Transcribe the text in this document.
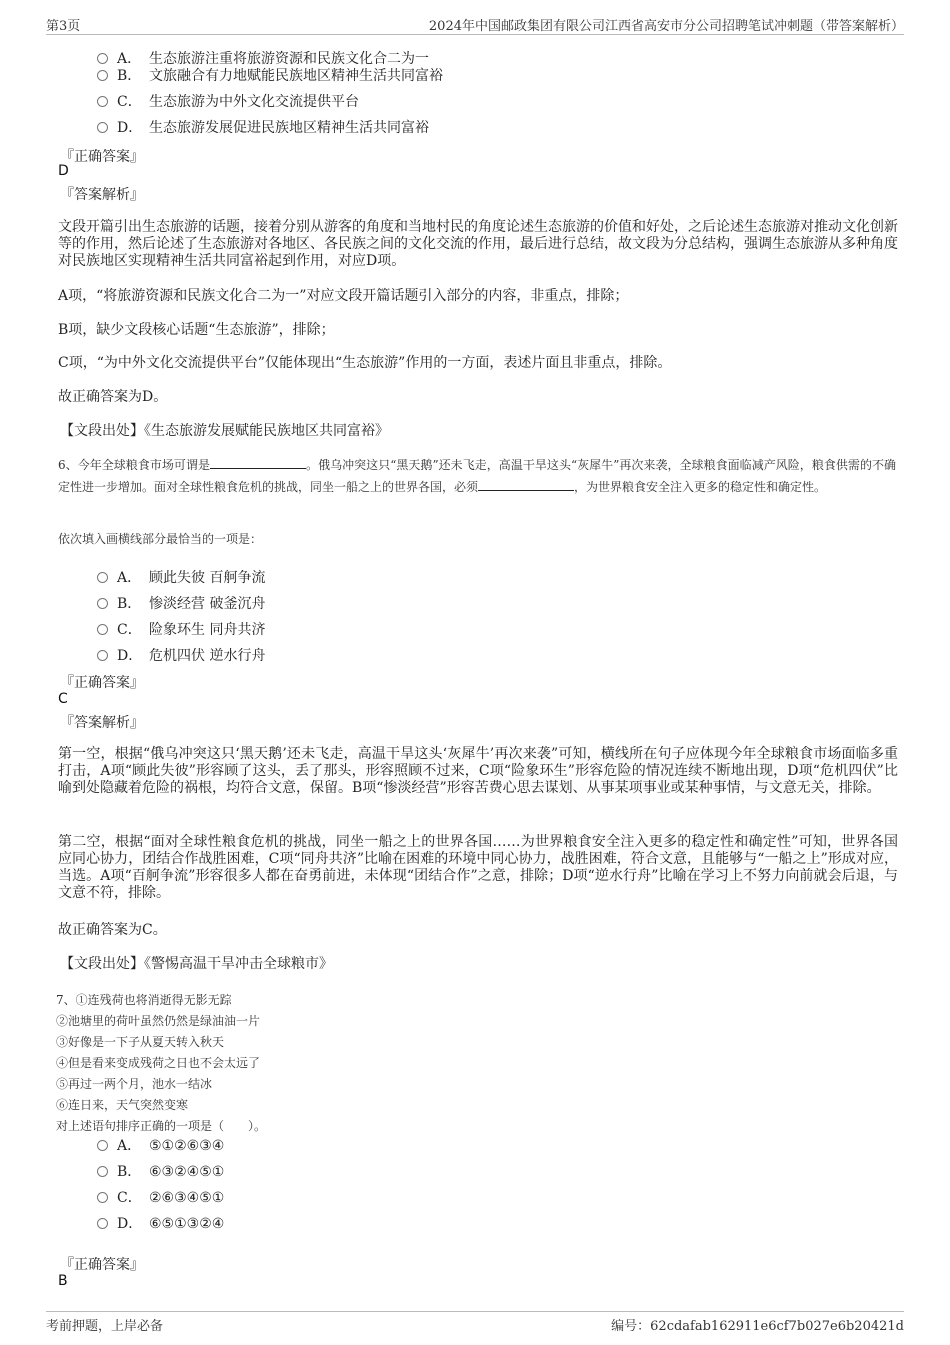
第3页	2024年中国邮政集团有限公司江西省高安市分公司招聘笔试冲刺题（带答案解析）
A． 生态旅游注重将旅游资源和民族文化合二为一
B． 文旅融合有力地赋能民族地区精神生活共同富裕
C． 生态旅游为中外文化交流提供平台
D． 生态旅游发展促进民族地区精神生活共同富裕
『正确答案』
D
『答案解析』
文段开篇引出生态旅游的话题，接着分别从游客的角度和当地村民的角度论述生态旅游的价值和好处，之后论述生态旅游对推动文化创新等的作用，然后论述了生态旅游对各地区、各民族之间的文化交流的作用，最后进行总结，故文段为分总结构，强调生态旅游从多种角度对民族地区实现精神生活共同富裕起到作用，对应D项。
A项，“将旅游资源和民族文化合二为一”对应文段开篇话题引入部分的内容，非重点，排除；
B项，缺少文段核心话题“生态旅游”，排除；
C项，“为中外文化交流提供平台”仅能体现出“生态旅游”作用的一方面，表述片面且非重点，排除。
故正确答案为D。
【文段出处】《生态旅游发展赋能民族地区共同富裕》
6、今年全球粮食市场可谓是	。俄乌冲突这只“黑天鹅”还未飞走，高温干旱这头“灰犀牛”再次来袭，全球粮食面临减产风险，粮食供需的不确定性进一步增加。面对全球性粮食危机的挑战，同坐一船之上的世界各国，必须	，为世界粮食安全注入更多的稳定性和确定性。
依次填入画横线部分最恰当的一项是：
A． 顾此失彼 百舸争流
B． 惨淡经营 破釜沉舟
C． 险象环生 同舟共济
D． 危机四伏 逆水行舟
『正确答案』
C
『答案解析』
第一空，根据“俄乌冲突这只‘黑天鹅’还未飞走，高温干旱这头‘灰犀牛’再次来袭”可知，横线所在句子应体现今年全球粮食市场面临多重打击，A项“顾此失彼”形容顾了这头，丢了那头，形容照顾不过来，C项“险象环生”形容危险的情况连续不断地出现，D项“危机四伏”比喻到处隐藏着危险的祸根，均符合文意，保留。B项“惨淡经营”形容苦费心思去谋划、从事某项事业或某种事情，与文意无关，排除。
第二空，根据“面对全球性粮食危机的挑战，同坐一船之上的世界各国……为世界粮食安全注入更多的稳定性和确定性”可知，世界各国应同心协力，团结合作战胜困难，C项“同舟共济”比喻在困难的环境中同心协力，战胜困难，符合文意，且能够与“一船之上”形成对应，当选。A项“百舸争流”形容很多人都在奋勇前进，未体现“团结合作”之意，排除；D项“逆水行舟”比喻在学习上不努力向前就会后退，与文意不符，排除。
故正确答案为C。
【文段出处】《警惕高温干旱冲击全球粮市》
7、①连残荷也将消逝得无影无踪
②池塘里的荷叶虽然仍然是绿油油一片
③好像是一下子从夏天转入秋天
④但是看来变成残荷之日也不会太远了
⑤再过一两个月，池水一结冰
⑥连日来，天气突然变寒
对上述语句排序正确的一项是（　　）。
A． ⑤①②⑥③④
B． ⑥③②④⑤①
C． ②⑥③④⑤①
D． ⑥⑤①③②④
『正确答案』
B
考前押题，上岸必备	编号：62cdafab162911e6cf7b027e6b20421d
